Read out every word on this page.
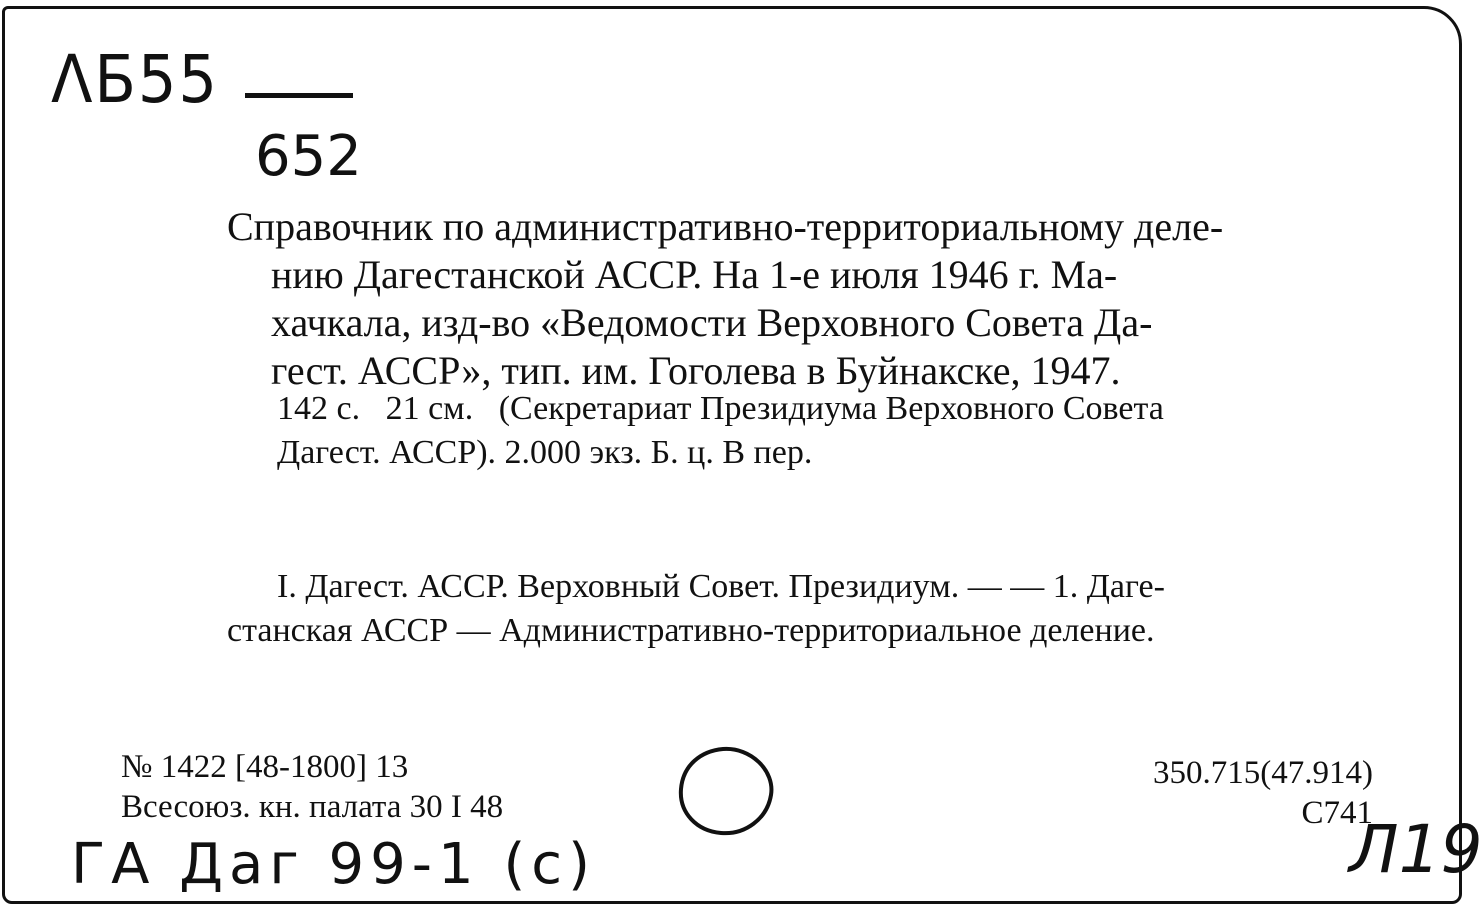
ΛБ55
652
Справочник по административно-территориальному деле-
нию Дагестанской АССР. На 1-е июля 1946 г. Ма-
хачкала, изд-во «Ведомости Верховного Совета Да-
гест. АССР», тип. им. Гоголева в Буйнакске, 1947.
142 с.   21 см.   (Секретариат Президиума Верховного Совета
Дагест. АССР). 2.000 экз. Б. ц. В пер.
I. Дагест. АССР. Верховный Совет. Президиум. — — 1. Даге-
станская АССР — Административно-территориальное деление.
№ 1422 [48-1800] 13
Всесоюз. кн. палата 30 I 48
350.715(47.914)
С741
ГА Даг 99-1 (с)	Л19
